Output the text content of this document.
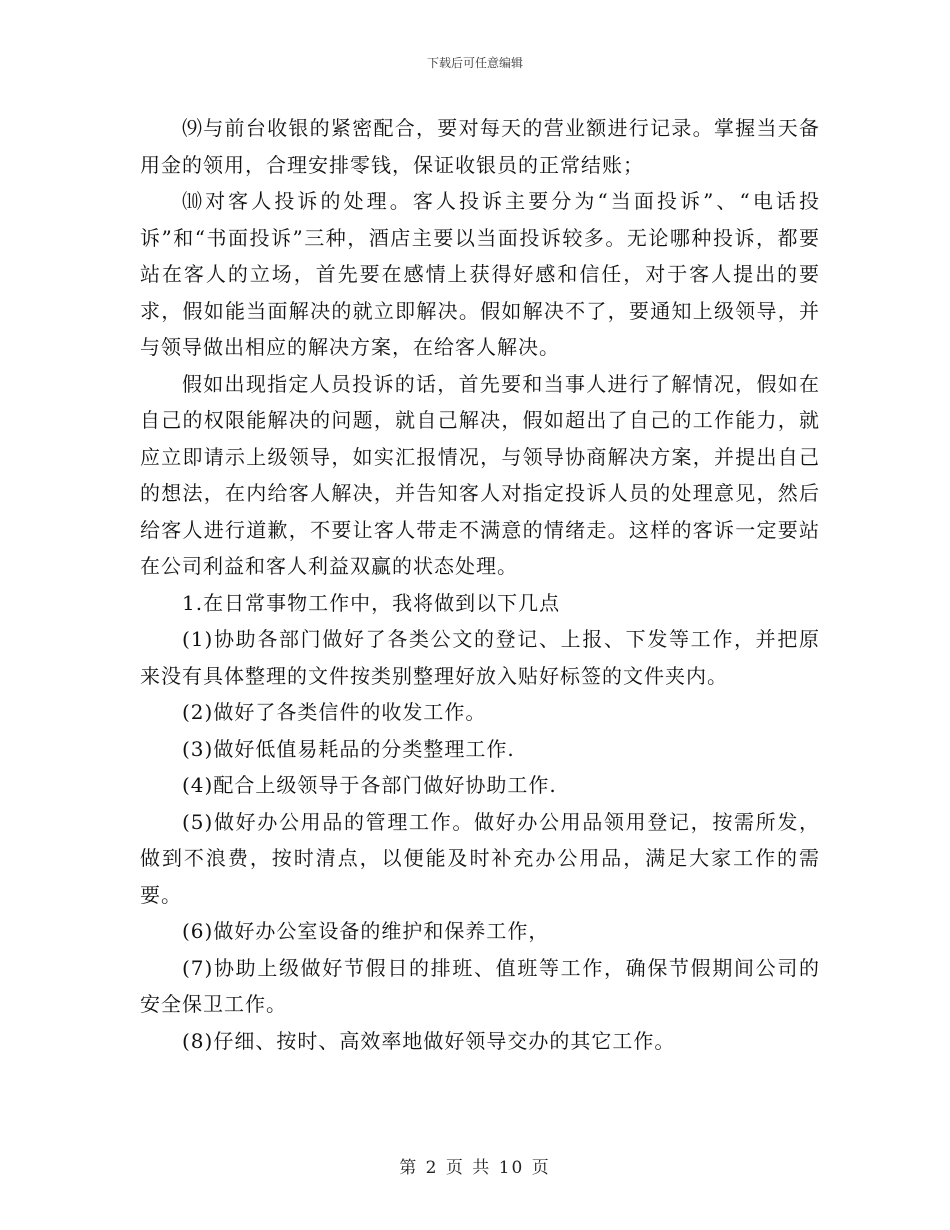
下载后可任意编辑

⑼与前台收银的紧密配合，要对每天的营业额进行记录。掌握当天备用金的领用，合理安排零钱，保证收银员的正常结账；

⑽对客人投诉的处理。客人投诉主要分为“当面投诉”、“电话投诉”和“书面投诉”三种，酒店主要以当面投诉较多。无论哪种投诉，都要站在客人的立场，首先要在感情上获得好感和信任，对于客人提出的要求，假如能当面解决的就立即解决。假如解决不了，要通知上级领导，并与领导做出相应的解决方案，在给客人解决。

假如出现指定人员投诉的话，首先要和当事人进行了解情况，假如在自己的权限能解决的问题，就自己解决，假如超出了自己的工作能力，就应立即请示上级领导，如实汇报情况，与领导协商解决方案，并提出自己的想法，在内给客人解决，并告知客人对指定投诉人员的处理意见，然后给客人进行道歉，不要让客人带走不满意的情绪走。这样的客诉一定要站在公司利益和客人利益双赢的状态处理。

1.在日常事物工作中，我将做到以下几点

(1)协助各部门做好了各类公文的登记、上报、下发等工作，并把原来没有具体整理的文件按类别整理好放入贴好标签的文件夹内。

(2)做好了各类信件的收发工作。

(3)做好低值易耗品的分类整理工作.

(4)配合上级领导于各部门做好协助工作.

(5)做好办公用品的管理工作。做好办公用品领用登记，按需所发，做到不浪费，按时清点，以便能及时补充办公用品，满足大家工作的需要。

(6)做好办公室设备的维护和保养工作，

(7)协助上级做好节假日的排班、值班等工作，确保节假期间公司的安全保卫工作。

(8)仔细、按时、高效率地做好领导交办的其它工作。

第 2 页 共 10 页
